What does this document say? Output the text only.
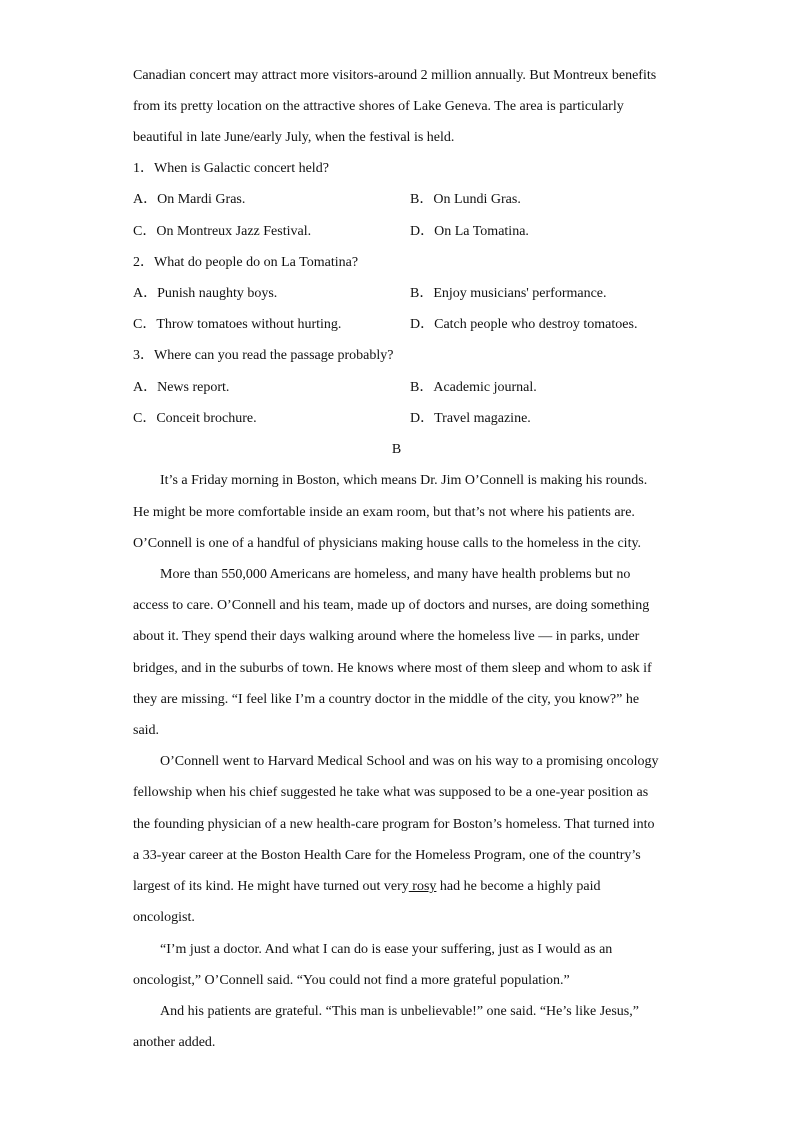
Canadian concert may attract more visitors-around 2 million annually. But Montreux benefits
from its pretty location on the attractive shores of Lake Geneva. The area is particularly
beautiful in late June/early July, when the festival is held.
1．When is Galactic concert held?
A．On Mardi Gras.	B．On Lundi Gras.
C．On Montreux Jazz Festival.	D．On La Tomatina.
2．What do people do on La Tomatina?
A．Punish naughty boys.	B．Enjoy musicians' performance.
C．Throw tomatoes without hurting.	D．Catch people who destroy tomatoes.
3．Where can you read the passage probably?
A．News report.	B．Academic journal.
C．Conceit brochure.	D．Travel magazine.
B
It’s a Friday morning in Boston, which means Dr. Jim O’Connell is making his rounds.
He might be more comfortable inside an exam room, but that’s not where his patients are.
O’Connell is one of a handful of physicians making house calls to the homeless in the city.
More than 550,000 Americans are homeless, and many have health problems but no
access to care. O’Connell and his team, made up of doctors and nurses, are doing something
about it. They spend their days walking around where the homeless live — in parks, under
bridges, and in the suburbs of town. He knows where most of them sleep and whom to ask if
they are missing. “I feel like I’m a country doctor in the middle of the city, you know?” he
said.
O’Connell went to Harvard Medical School and was on his way to a promising oncology
fellowship when his chief suggested he take what was supposed to be a one-year position as
the founding physician of a new health-care program for Boston’s homeless. That turned into
a 33-year career at the Boston Health Care for the Homeless Program, one of the country’s
largest of its kind. He might have turned out very rosy had he become a highly paid
oncologist.
“I’m just a doctor. And what I can do is ease your suffering, just as I would as an
oncologist,” O’Connell said. “You could not find a more grateful population.”
And his patients are grateful. “This man is unbelievable!” one said. “He’s like Jesus,”
another added.
